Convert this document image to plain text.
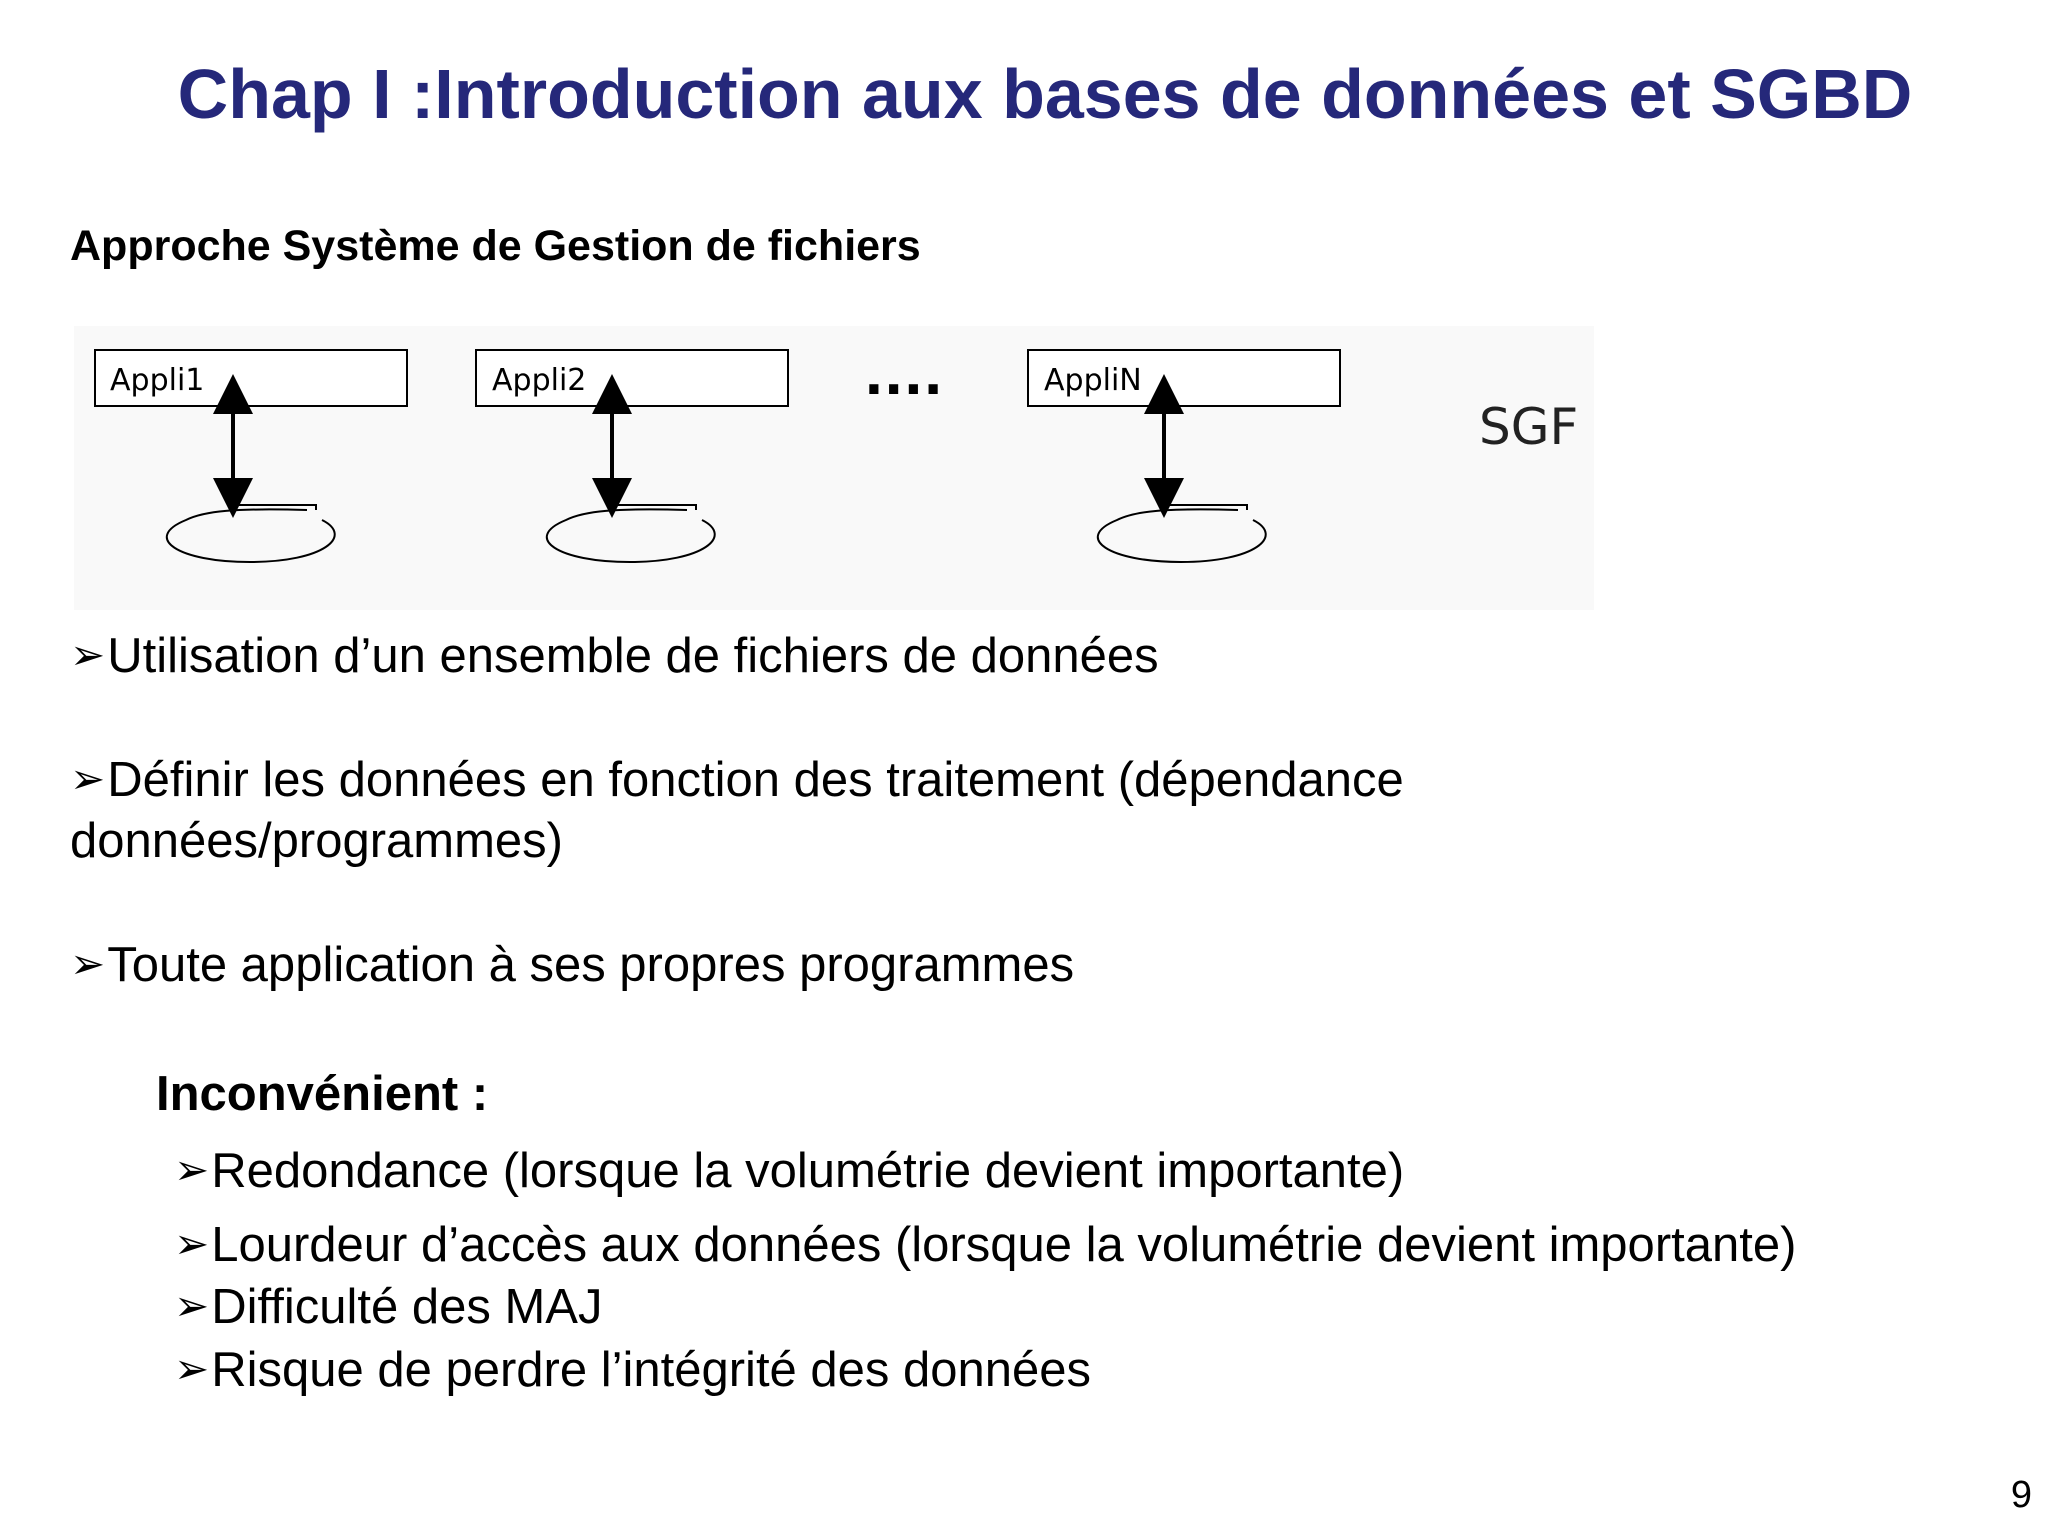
Chap I :Introduction aux bases de données et SGBD
Approche Système de Gestion de fichiers
Appli1	Appli2	....	AppliN
SGF
➢Utilisation d’un ensemble de fichiers de données
➢Définir les données en fonction des traitement (dépendance
données/programmes)
➢Toute application à ses propres programmes
Inconvénient :
➢Redondance (lorsque la volumétrie devient importante)
➢Lourdeur d’accès aux données (lorsque la volumétrie devient importante)
➢Difficulté des MAJ
➢Risque de perdre l’intégrité des données
9
